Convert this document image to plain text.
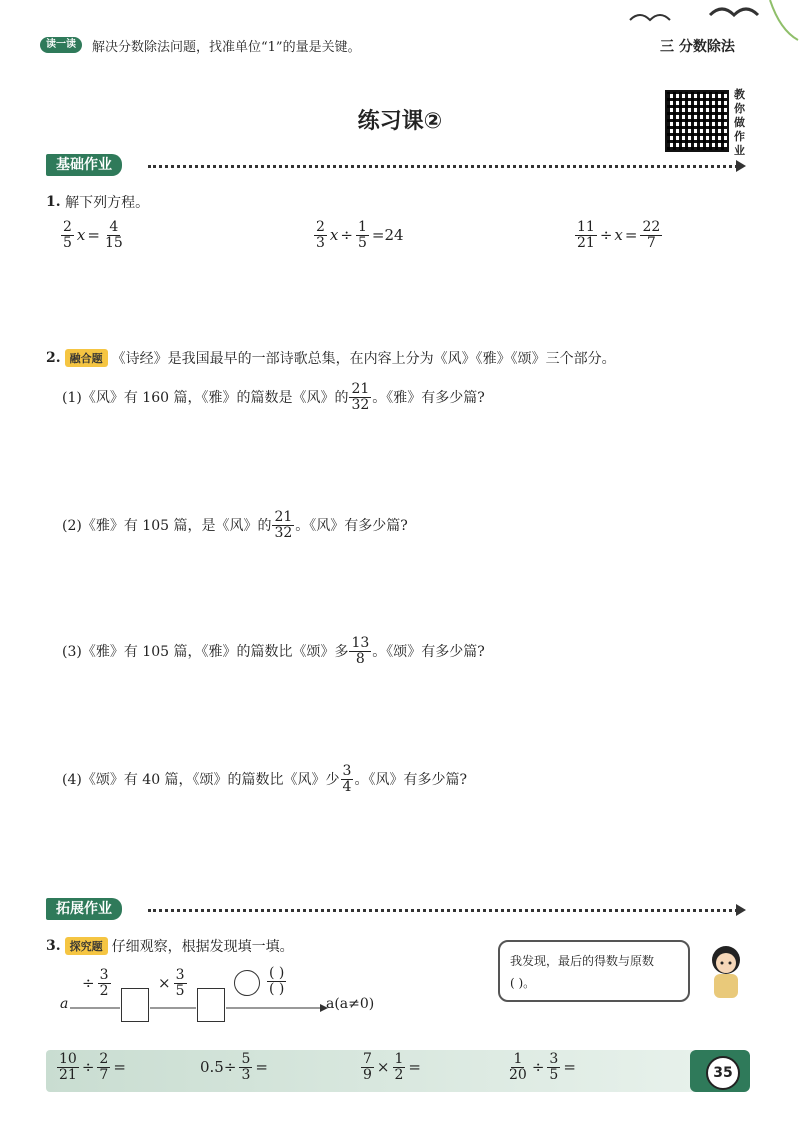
读一读	解决分数除法问题，找准单位“1”的量是关键。	三 分数除法
练习课②
教你做作业
基础作业
1.
解下列方程。
$\frac{2}{5}$ $x = \frac{4}{15}$	$\frac{2}{3}$ $x \div \frac{1}{5} =24$	$\frac{11}{21} \div x = \frac{22}{7}$
2. 融合题 《诗经》是我国最早的一部诗歌总集，在内容上分为《风》《雅》《颂》三个部分。
(1)《风》有 160 篇，《雅》的篇数是《风》的 $\frac{21}{32}$ 。《雅》有多少篇?
(2)《雅》有 105 篇，是《风》的 $\frac{21}{32}$ 。《风》有多少篇?
(3)《雅》有 105 篇，《雅》的篇数比《颂》多 $\frac{13}{8}$ 。《颂》有多少篇?
(4)《颂》有 40 篇，《颂》的篇数比《风》少 $\frac{3}{4}$ 。《风》有多少篇?
拓展作业
3. 探究题 仔细观察，根据发现填一填。
a
÷ $\frac{3}{2}$	× $\frac{3}{5}$	$\frac{( )}{( )}$
a(a≠0)
我发现，最后的得数与原数
( )。
35
$\frac{10}{21} \div \frac{2}{7}$ =	$0.5\div \frac{5}{3}$ =	$\frac{7}{9} \times \frac{1}{2}$ =	$\frac{1}{20} \div \frac{3}{5}$ =
